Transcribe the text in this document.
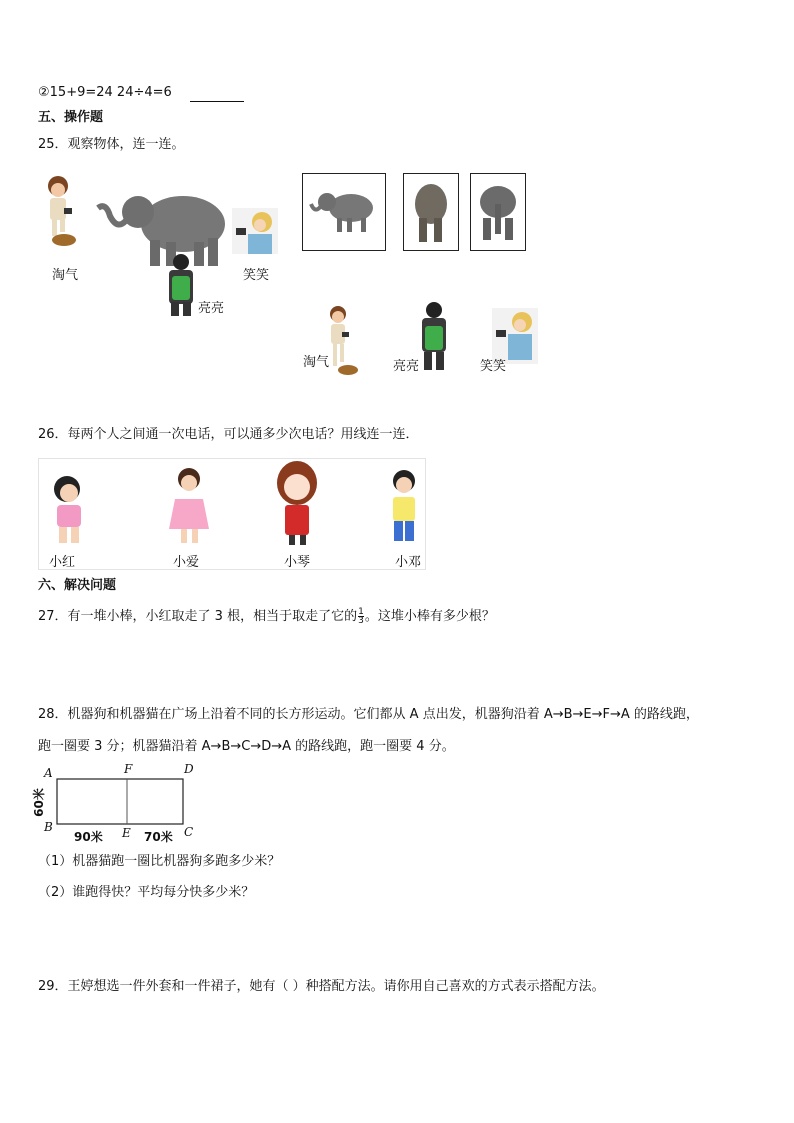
②15+9=24 24÷4=6
五、操作题
25．观察物体，连一连。
淘气	笑笑
亮亮
淘气	亮亮	笑笑
26．每两个人之间通一次电话，可以通多少次电话？用线连一连．
小红	小爱	小琴	小邓
六、解决问题
27．有一堆小棒，小红取走了 3 根，相当于取走了它的 $\frac{1}{3}$ 。这堆小棒有多少根？
28．机器狗和机器猫在广场上沿着不同的长方形运动。它们都从 A 点出发，机器狗沿着 A→B→E→F→A 的路线跑，
跑一圈要 3 分；机器猫沿着 A→B→C→D→A 的路线跑，跑一圈要 4 分。
A
B
F	D
E	C
60米
90米	70米
（1）机器猫跑一圈比机器狗多跑多少米？
（2）谁跑得快？平均每分快多少米？
29．王婷想选一件外套和一件裙子，她有（ ）种搭配方法。请你用自己喜欢的方式表示搭配方法。
